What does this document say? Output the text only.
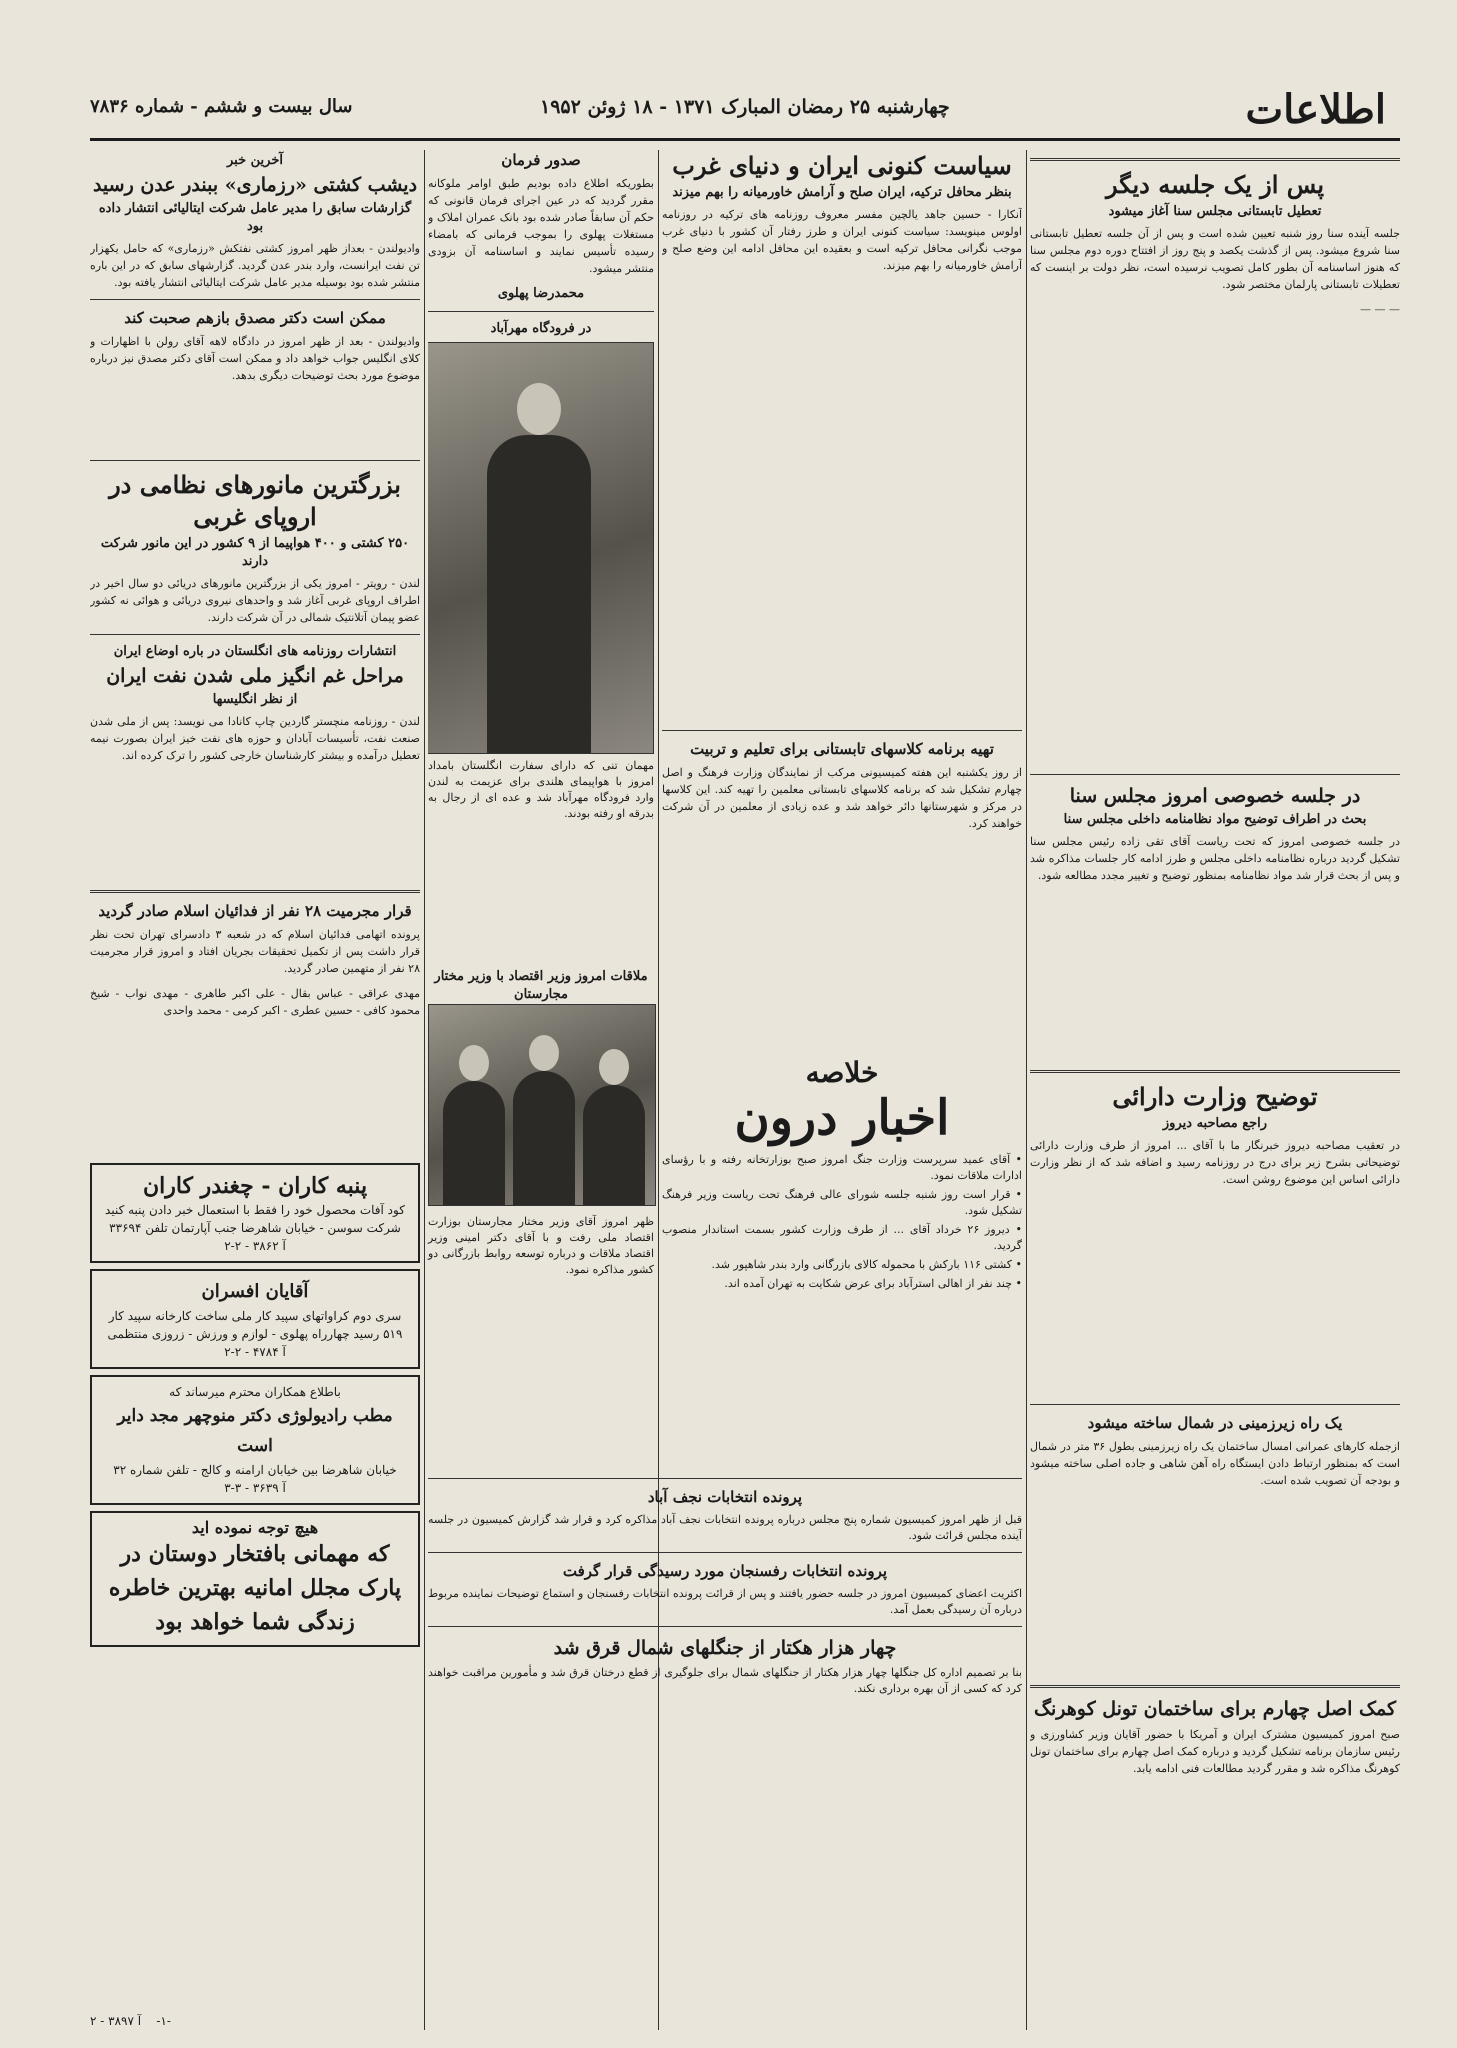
اطلاعات
چهارشنبه ۲۵ رمضان المبارک ۱۳۷۱ - ۱۸ ژوئن ۱۹۵۲
سال بیست و ششم - شماره ۷۸۳۶
پس از یک جلسه دیگر
تعطیل تابستانی مجلس سنا آغاز میشود

جلسه آینده سنا روز شنبه تعیین شده است و پس از آن جلسه تعطیل تابستانی سنا شروع میشود. پس از گذشت یکصد و پنج روز از افتتاح دوره دوم مجلس سنا که هنوز اساسنامه آن بطور کامل تصویب نرسیده است، نظر دولت بر اینست که تعطیلات تابستانی پارلمان مختصر شود.

— — —

در جلسه خصوصی امروز مجلس سنا
بحث در اطراف توضیح مواد نظامنامه داخلی مجلس سنا

در جلسه خصوصی امروز که تحت ریاست آقای تقی زاده رئیس مجلس سنا تشکیل گردید درباره نظامنامه داخلی مجلس و طرز ادامه کار جلسات مذاکره شد و پس از بحث قرار شد مواد نظامنامه بمنظور توضیح و تغییر مجدد مطالعه شود.

توضیح وزارت دارائی
راجع مصاحبه دیروز

در تعقیب مصاحبه دیروز خبرنگار ما با آقای ... امروز از طرف وزارت دارائی توضیحاتی بشرح زیر برای درج در روزنامه رسید و اضافه شد که از نظر وزارت دارائی اساس این موضوع روشن است.

یک راه زیرزمینی در شمال ساخته میشود

ازجمله کارهای عمرانی امسال ساختمان یک راه زیرزمینی بطول ۳۶ متر در شمال است که بمنظور ارتباط دادن ایستگاه راه آهن شاهی و جاده اصلی ساخته میشود و بودجه آن تصویب شده است.

کمک اصل چهارم برای ساختمان تونل کوهرنگ

صبح امروز کمیسیون مشترک ایران و آمریکا با حضور آقایان وزیر کشاورزی و رئیس سازمان برنامه تشکیل گردید و درباره کمک اصل چهارم برای ساختمان تونل کوهرنگ مذاکره شد و مقرر گردید مطالعات فنی ادامه یابد.

سیاست کنونی ایران و دنیای غرب
بنظر محافل ترکیه، ایران صلح و آرامش خاورمیانه را بهم میزند

آنکارا - حسین جاهد یالچین مفسر معروف روزنامه های ترکیه در روزنامه اولوس مینویسد: سیاست کنونی ایران و طرز رفتار آن کشور با دنیای غرب موجب نگرانی محافل ترکیه است و بعقیده این محافل ادامه این وضع صلح و آرامش خاورمیانه را بهم میزند.

تهیه برنامه کلاسهای تابستانی برای تعلیم و تربیت

از روز یکشنبه این هفته کمیسیونی مرکب از نمایندگان وزارت فرهنگ و اصل چهارم تشکیل شد که برنامه کلاسهای تابستانی معلمین را تهیه کند. این کلاسها در مرکز و شهرستانها دائر خواهد شد و عده زیادی از معلمین در آن شرکت خواهند کرد.

صدور فرمان

بطوریکه اطلاع داده بودیم طبق اوامر ملوکانه مقرر گردید که در عین اجرای فرمان قانونی که حکم آن سابقاً صادر شده بود بانک عمران املاک و مستغلات پهلوی را بموجب فرمانی که بامضاء رسیده تأسیس نمایند و اساسنامه آن بزودی منتشر میشود.

محمدرضا پهلوی
در فرودگاه مهرآباد

مهمان تنی که دارای سفارت انگلستان بامداد امروز با هواپیمای هلندی برای عزیمت به لندن وارد فرودگاه مهرآباد شد و عده ای از رجال به بدرقه او رفته بودند.

ملاقات امروز وزیر اقتصاد با وزیر مختار مجارستان

ظهر امروز آقای وزیر مختار مجارستان بوزارت اقتصاد ملی رفت و با آقای دکتر امینی وزیر اقتصاد ملاقات و درباره توسعه روابط بازرگانی دو کشور مذاکره نمود.

خلاصه
اخبار درون
• آقای عمید سرپرست وزارت جنگ امروز صبح بوزارتخانه رفته و با رؤسای ادارات ملاقات نمود.
• قرار است روز شنبه جلسه شورای عالی فرهنگ تحت ریاست وزیر فرهنگ تشکیل شود.
• دیروز ۲۶ خرداد آقای ... از طرف وزارت کشور بسمت استاندار منصوب گردید.
• کشتی ۱۱۶ بارکش با محموله کالای بازرگانی وارد بندر شاهپور شد.
• چند نفر از اهالی استرآباد برای عرض شکایت به تهران آمده اند.
پرونده انتخابات نجف آباد

قبل از ظهر امروز کمیسیون شماره پنج مجلس درباره پرونده انتخابات نجف آباد مذاکره کرد و قرار شد گزارش کمیسیون در جلسه آینده مجلس قرائت شود.

پرونده انتخابات رفسنجان مورد رسیدگی قرار گرفت

اکثریت اعضای کمیسیون امروز در جلسه حضور یافتند و پس از قرائت پرونده انتخابات رفسنجان و استماع توضیحات نماینده مربوط درباره آن رسیدگی بعمل آمد.

چهار هزار هکتار از جنگلهای شمال قرق شد

بنا بر تصمیم اداره کل جنگلها چهار هزار هکتار از جنگلهای شمال برای جلوگیری از قطع درختان قرق شد و مأمورین مراقبت خواهند کرد که کسی از آن بهره برداری نکند.

آخرین خبر
دیشب کشتی «رزماری» ببندر عدن رسید
گزارشات سابق را مدیر عامل شرکت ایتالیائی انتشار داده بود

وادیولندن - بعداز ظهر امروز کشتی نفتکش «رزماری» که حامل یکهزار تن نفت ایرانست، وارد بندر عدن گردید. گزارشهای سابق که در این باره منتشر شده بود بوسیله مدیر عامل شرکت ایتالیائی انتشار یافته بود.

ممکن است دکتر مصدق بازهم صحبت کند

وادیولندن - بعد از ظهر امروز در دادگاه لاهه آقای رولن با اظهارات و کلای انگلیس جواب خواهد داد و ممکن است آقای دکتر مصدق نیز درباره موضوع مورد بحث توضیحات دیگری بدهد.

بزرگترین مانورهای نظامی در اروپای غربی
۲۵۰ کشتی و ۴۰۰ هواپیما از ۹ کشور در این مانور شرکت دارند

لندن - رویتر - امروز یکی از بزرگترین مانورهای دریائی دو سال اخیر در اطراف اروپای غربی آغاز شد و واحدهای نیروی دریائی و هوائی نه کشور عضو پیمان آتلانتیک شمالی در آن شرکت دارند.

انتشارات روزنامه های انگلستان در باره اوضاع ایران
مراحل غم انگیز ملی شدن نفت ایران
از نظر انگلیسها

لندن - روزنامه منچستر گاردین چاپ کانادا می نویسد: پس از ملی شدن صنعت نفت، تأسیسات آبادان و حوزه های نفت خیز ایران بصورت نیمه تعطیل درآمده و بیشتر کارشناسان خارجی کشور را ترک کرده اند.

قرار مجرمیت ۲۸ نفر از فدائیان اسلام صادر گردید

پرونده اتهامی فدائیان اسلام که در شعبه ۳ دادسرای تهران تحت نظر قرار داشت پس از تکمیل تحقیقات بجریان افتاد و امروز قرار مجرمیت ۲۸ نفر از متهمین صادر گردید.

مهدی عراقی - عباس بقال - علی اکبر طاهری - مهدی نواب - شیخ محمود کافی - حسین عطری - اکبر کرمی - محمد واحدی

پنبه کاران - چغندر کاران
کود آفات محصول خود را فقط با استعمال خبر دادن پنبه کنید
شرکت سوسن - خیابان شاهرضا جنب آپارتمان تلفن ۳۳۶۹۴
آ ۳۸۶۲ - ۲-۲
آقایان افسران
سری دوم کراواتهای سپید کار ملی ساخت کارخانه سپید کار
۵۱۹ رسید چهارراه پهلوی - لوازم و ورزش - زروزی منتظمی
آ ۴۷۸۴ - ۲-۲
باطلاع همکاران محترم میرساند که
مطب رادیولوژی دکتر منوچهر مجد دایر است
خیابان شاهرضا بین خیابان ارامنه و کالج - تلفن شماره ۳۲
آ ۳۶۳۹ - ۳-۳
هیچ توجه نموده اید
که مهمانی بافتخار دوستان در پارک مجلل امانیه بهترین خاطره زندگی شما خواهد بود
-۱-    آ ۳۸۹۷ - ۲
